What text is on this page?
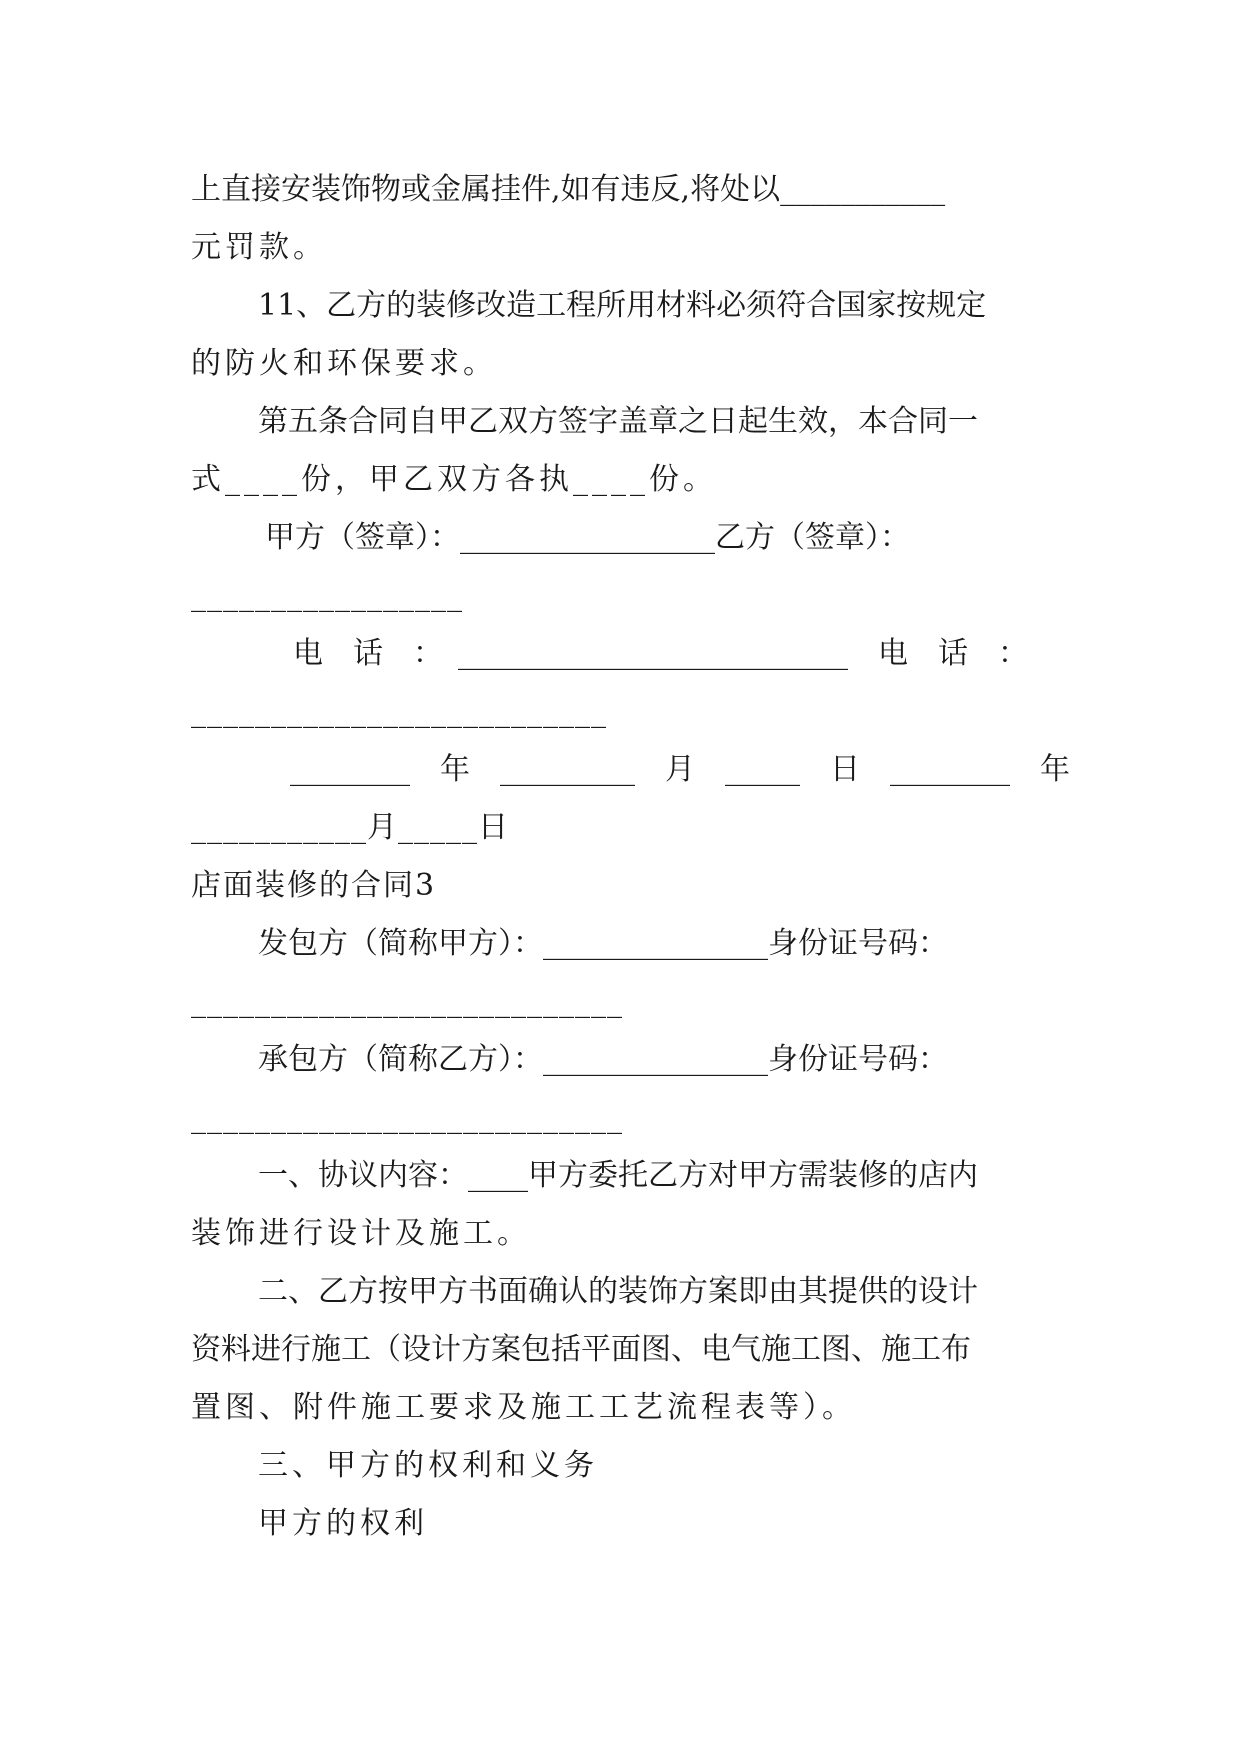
上直接安装饰物或金属挂件,如有违反,将处以___________
元罚款。
11、乙方的装修改造工程所用材料必须符合国家按规定
的防火和环保要求。
第五条合同自甲乙双方签字盖章之日起生效，本合同一
式____份，甲乙双方各执____份。
甲方（签章）：_________________乙方（签章）：
_________________
电　话　：　__________________________　电　话　：
__________________________
________　年　_________　月　_____　日　________　年
___________月_____日
店面装修的合同3
发包方（简称甲方）：_______________身份证号码：
___________________________
承包方（简称乙方）：_______________身份证号码：
___________________________
一、协议内容：____甲方委托乙方对甲方需装修的店内
装饰进行设计及施工。
二、乙方按甲方书面确认的装饰方案即由其提供的设计
资料进行施工（设计方案包括平面图、电气施工图、施工布
置图、附件施工要求及施工工艺流程表等）。
三、甲方的权利和义务
甲方的权利
